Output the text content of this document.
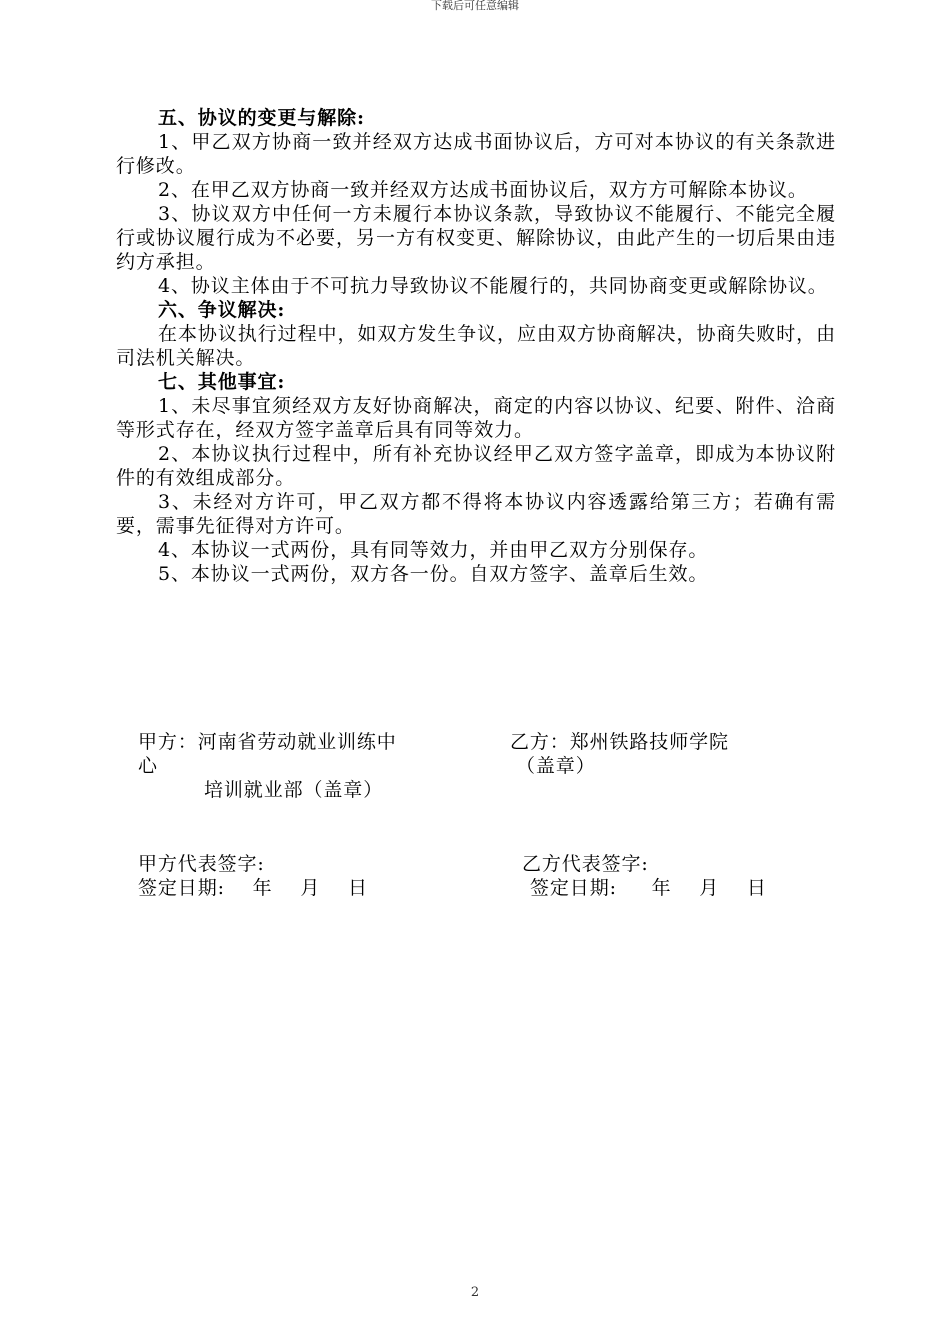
下载后可任意编辑
五、协议的变更与解除:
1、甲乙双方协商一致并经双方达成书面协议后，方可对本协议的有关条款进行修改。
2、在甲乙双方协商一致并经双方达成书面协议后，双方方可解除本协议。
3、协议双方中任何一方未履行本协议条款，导致协议不能履行、不能完全履行或协议履行成为不必要，另一方有权变更、解除协议，由此产生的一切后果由违约方承担。
4、协议主体由于不可抗力导致协议不能履行的，共同协商变更或解除协议。
六、争议解决:
在本协议执行过程中，如双方发生争议，应由双方协商解决，协商失败时，由司法机关解决。
七、其他事宜:
1、未尽事宜须经双方友好协商解决，商定的内容以协议、纪要、附件、洽商等形式存在，经双方签字盖章后具有同等效力。
2、本协议执行过程中，所有补充协议经甲乙双方签字盖章，即成为本协议附件的有效组成部分。
3、未经对方许可，甲乙双方都不得将本协议内容透露给第三方；若确有需要，需事先征得对方许可。
4、本协议一式两份，具有同等效力，并由甲乙双方分别保存。
5、本协议一式两份，双方各一份。自双方签字、盖章后生效。
甲方：河南省劳动就业训练中
心
培训就业部（盖章）
乙方：郑州铁路技师学院
（盖章）
甲方代表签字:
签定日期:    年    月    日
乙方代表签字:
签定日期:     年    月    日
2
